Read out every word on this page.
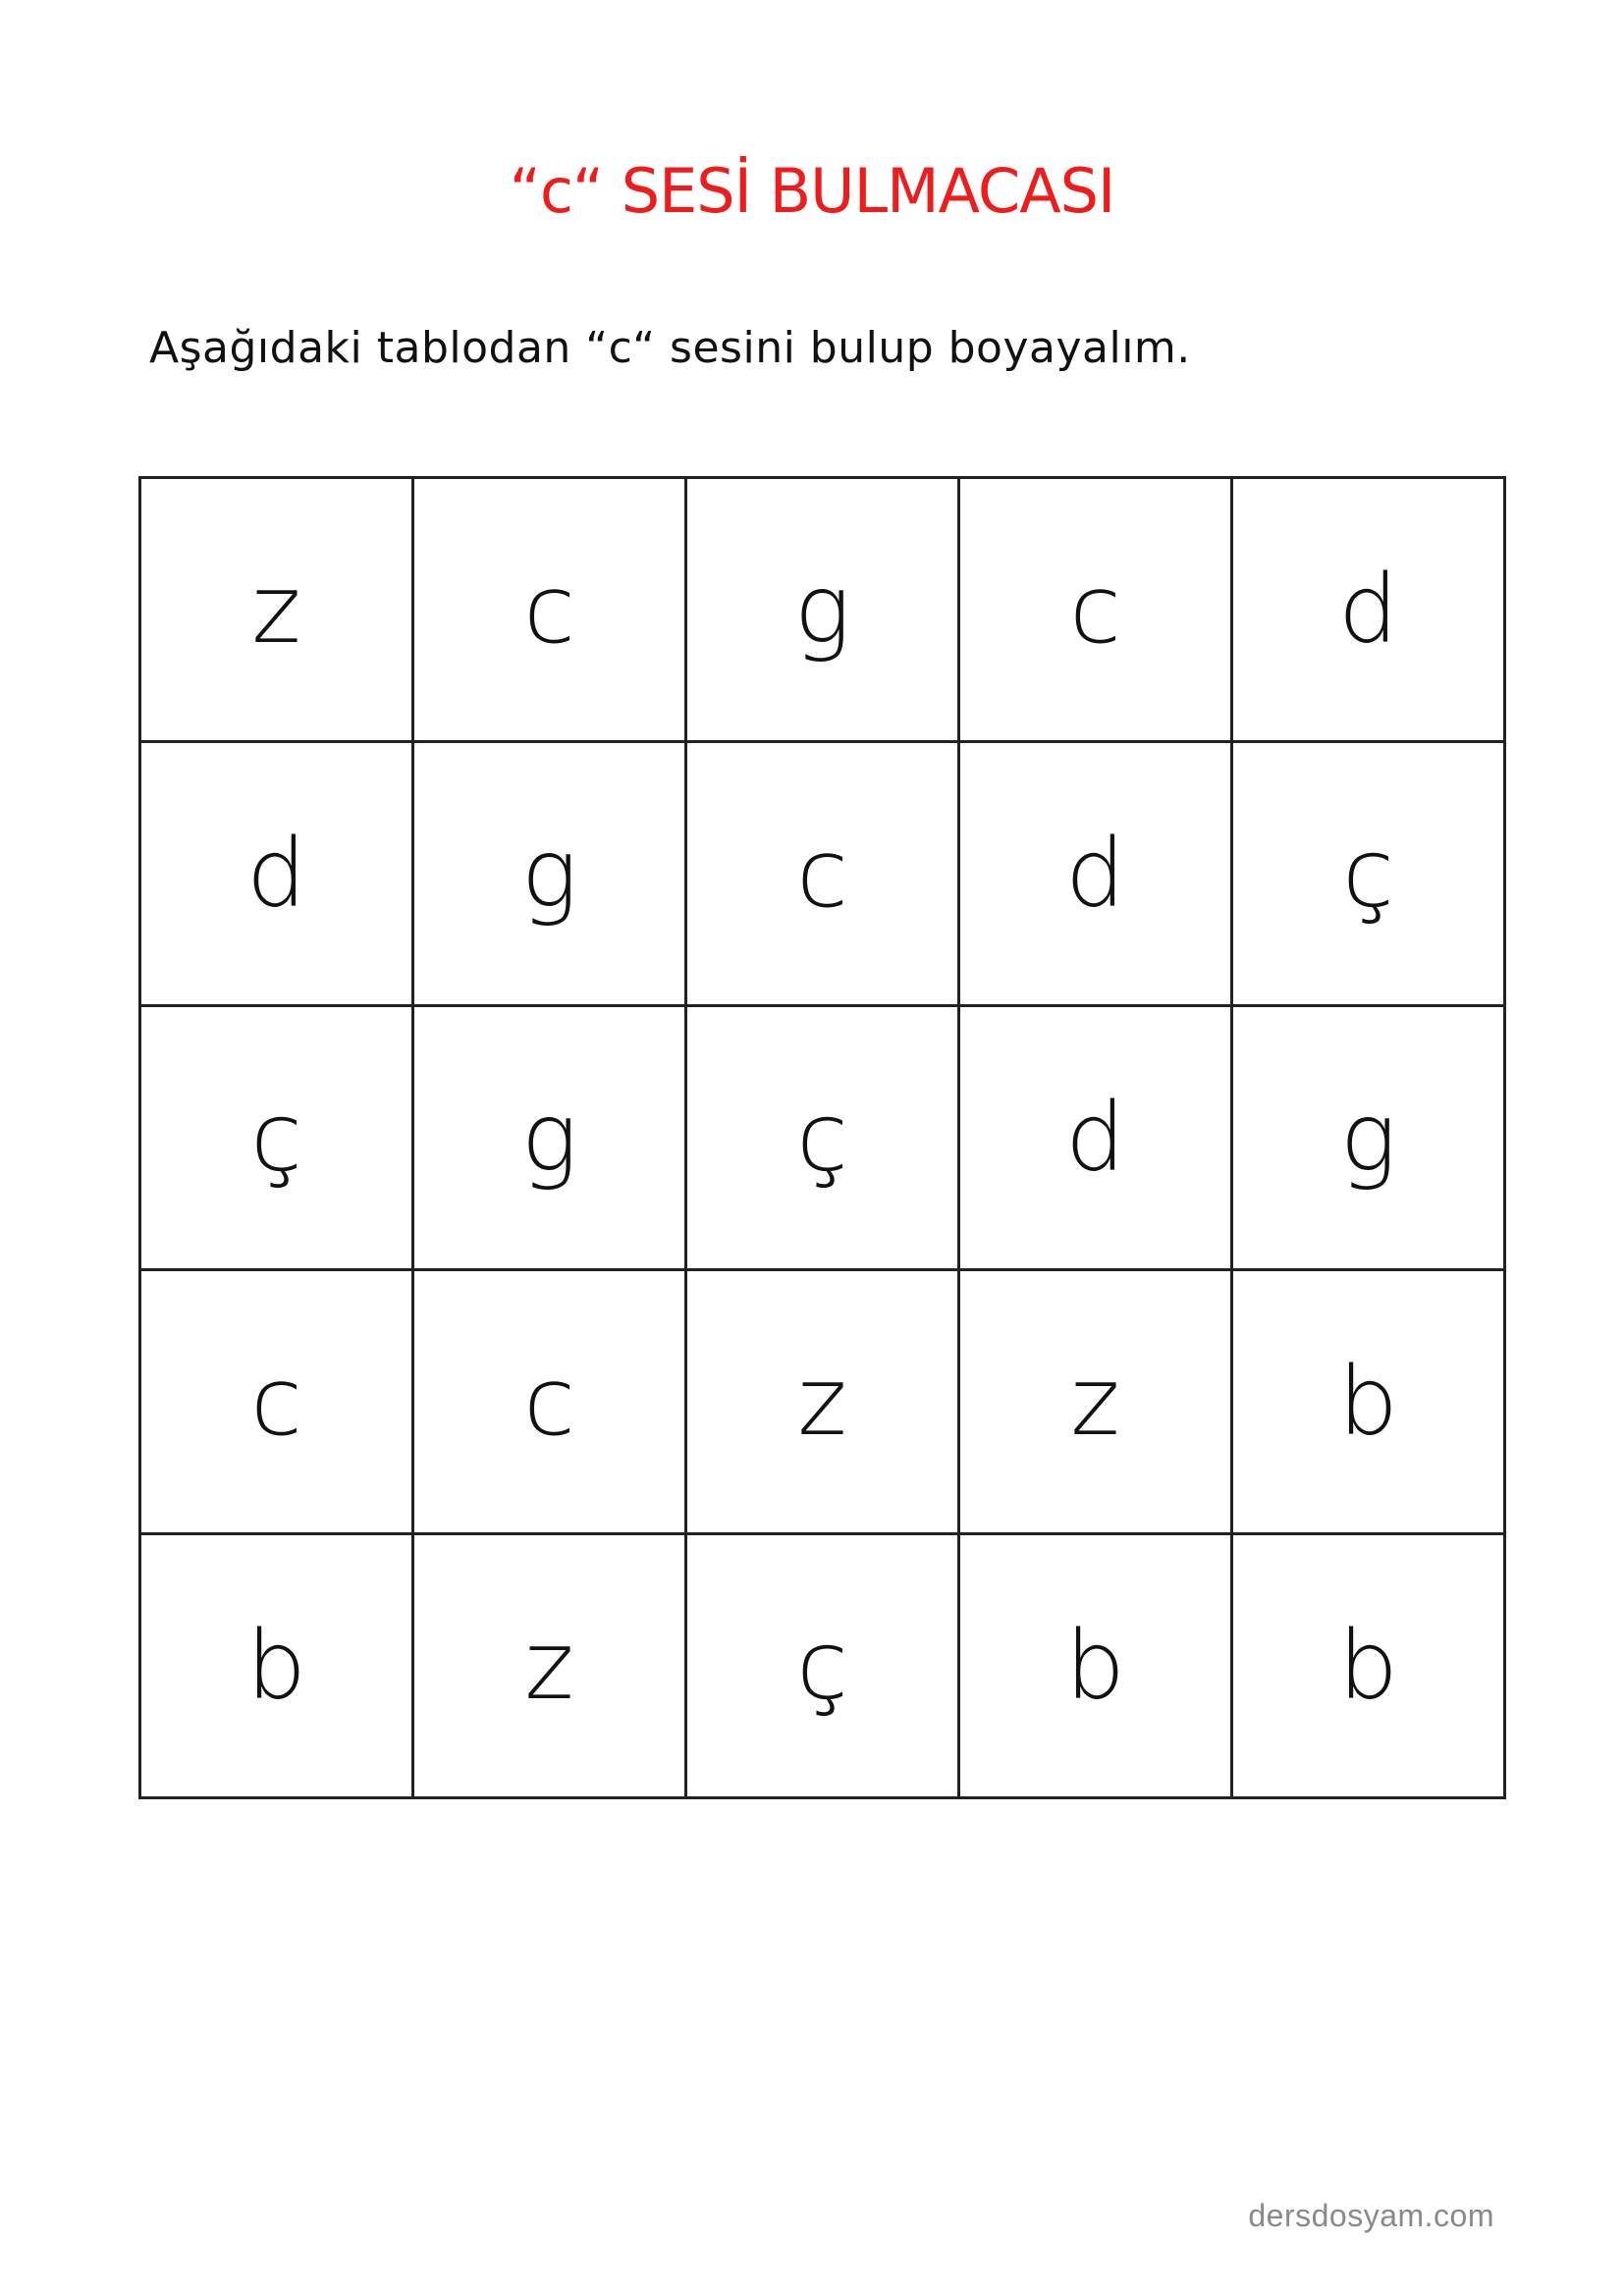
“c“ SESİ BULMACASI
Aşağıdaki tablodan “c“ sesini bulup boyayalım.
z	c	g	c	d
d	g	c	d	ç
ç	g	ç	d	g
c	c	z	z	b
b	z	ç	b	b
dersdosyam.com
